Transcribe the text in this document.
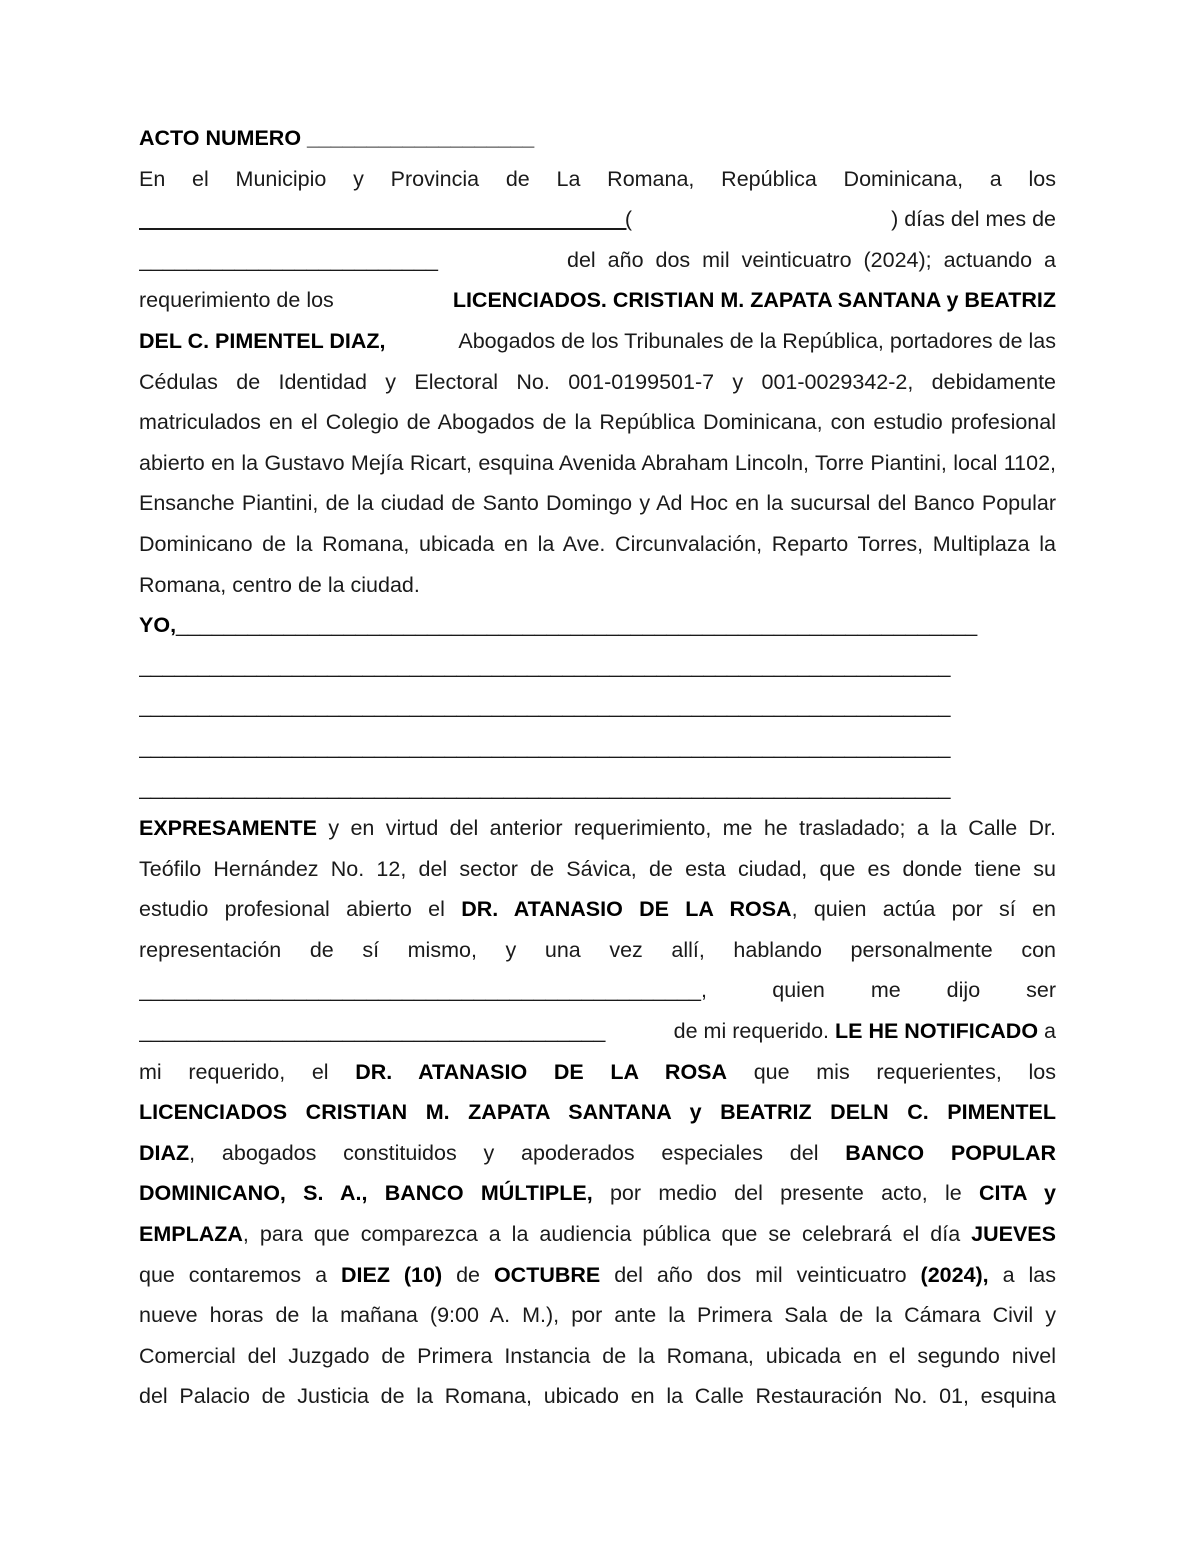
ACTO NUMERO ___________________
En el Municipio y Provincia de La Romana, República Dominicana, a los
_______________________________________(	) días del mes de
_________________________	del año dos mil veinticuatro (2024); actuando a
requerimiento de los	LICENCIADOS. CRISTIAN M. ZAPATA SANTANA y BEATRIZ
DEL C. PIMENTEL DIAZ,	Abogados de los Tribunales de la República, portadores de las
Cédulas de Identidad y Electoral No. 001-0199501-7 y 001-0029342-2, debidamente matriculados en el Colegio de Abogados de la República Dominicana, con estudio profesional abierto en la Gustavo Mejía Ricart, esquina Avenida Abraham Lincoln, Torre Piantini, local 1102, Ensanche Piantini, de la ciudad de Santo Domingo y Ad Hoc en la sucursal del Banco Popular Dominicano de la Romana, ubicada en la Ave. Circunvalación, Reparto Torres, Multiplaza la Romana, centro de la ciudad.
YO,___________________________________________________________________
_____________________________________________________________________
_____________________________________________________________________
_____________________________________________________________________
_____________________________________________________________________
EXPRESAMENTE y en virtud del anterior requerimiento, me he trasladado; a la Calle Dr.
Teófilo Hernández No. 12, del sector de Sávica, de esta ciudad, que es donde tiene su
estudio profesional abierto el DR. ATANASIO DE LA ROSA, quien actúa por sí en
representación de sí mismo, y una vez allí, hablando personalmente con
_______________________________________________,	quien me dijo ser
_______________________________________	de mi requerido. LE HE NOTIFICADO a
mi requerido, el DR. ATANASIO DE LA ROSA que mis requerientes, los
LICENCIADOS CRISTIAN M. ZAPATA SANTANA y BEATRIZ DELN C. PIMENTEL
DIAZ, abogados constituidos y apoderados especiales del BANCO POPULAR
DOMINICANO, S. A., BANCO MÚLTIPLE, por medio del presente acto, le CITA y
EMPLAZA, para que comparezca a la audiencia pública que se celebrará el día JUEVES
que contaremos a DIEZ (10) de OCTUBRE del año dos mil veinticuatro (2024), a las
nueve horas de la mañana (9:00 A. M.), por ante la Primera Sala de la Cámara Civil y
Comercial del Juzgado de Primera Instancia de la Romana, ubicada en el segundo nivel
del Palacio de Justicia de la Romana, ubicado en la Calle Restauración No. 01, esquina
